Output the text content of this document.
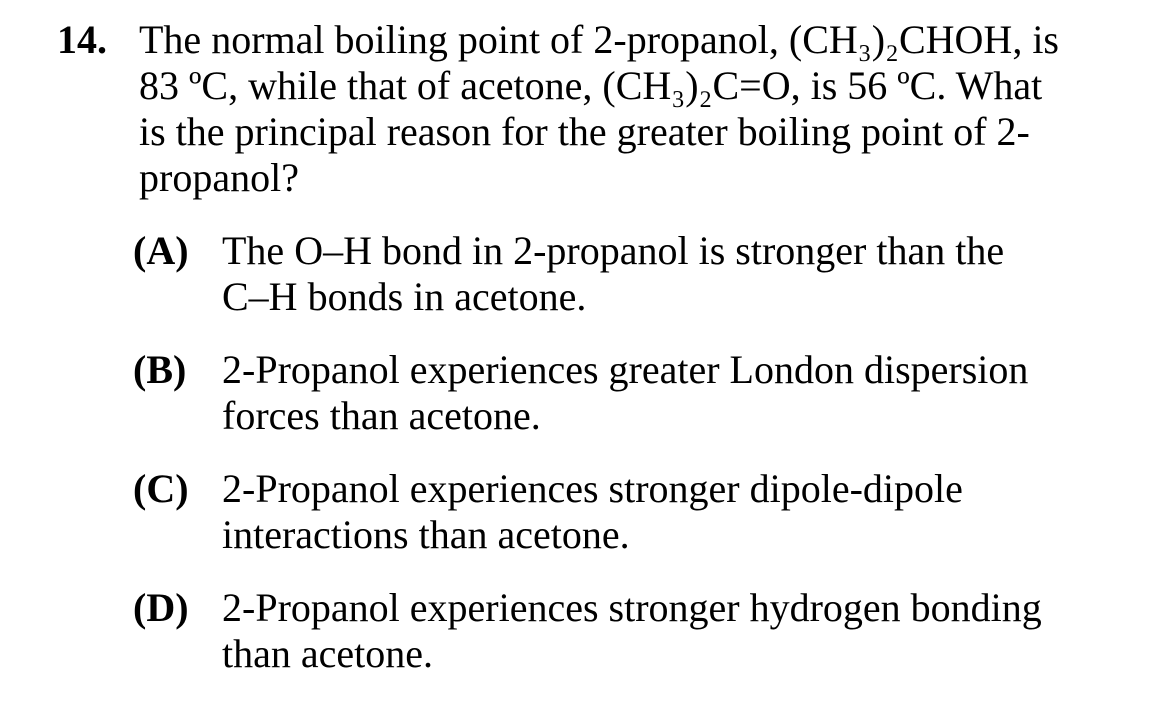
14. The normal boiling point of 2-propanol, (CH₃)₂CHOH, is
83 ºC, while that of acetone, (CH₃)₂C=O, is 56 ºC. What
is the principal reason for the greater boiling point of 2-
propanol?
(A) The O–H bond in 2-propanol is stronger than the
C–H bonds in acetone.
(B) 2-Propanol experiences greater London dispersion
forces than acetone.
(C) 2-Propanol experiences stronger dipole-dipole
interactions than acetone.
(D) 2-Propanol experiences stronger hydrogen bonding
than acetone.
